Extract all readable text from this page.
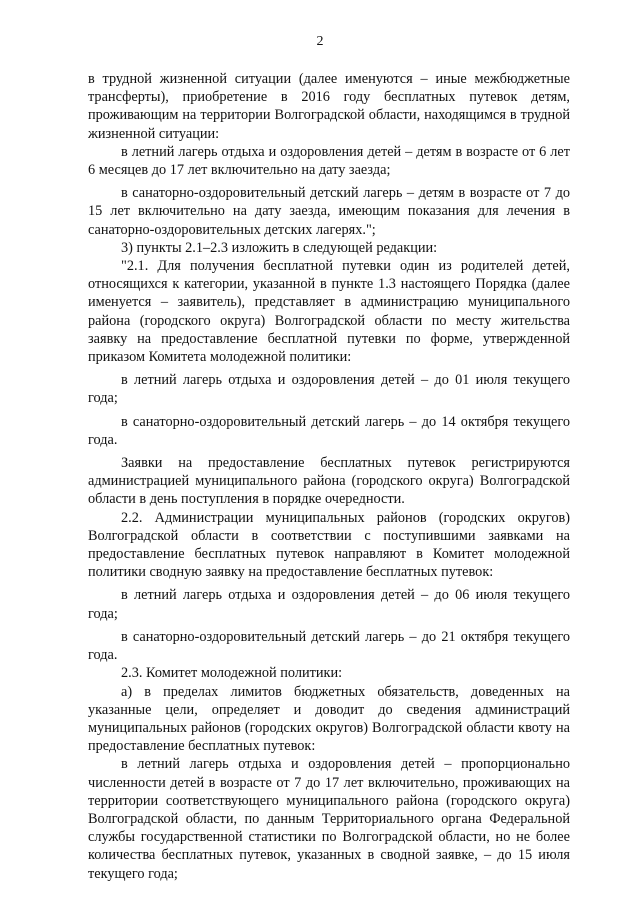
2

в трудной жизненной ситуации (далее именуются – иные межбюджетные трансферты), приобретение в 2016 году бесплатных путевок детям, проживающим на территории Волгоградской области, находящимся в трудной жизненной ситуации:

в летний лагерь отдыха и оздоровления детей – детям в возрасте от 6 лет 6 месяцев до 17 лет включительно на дату заезда;

в санаторно-оздоровительный детский лагерь – детям в возрасте от 7 до 15 лет включительно на дату заезда, имеющим показания для лечения в санаторно-оздоровительных детских лагерях.";

3) пункты 2.1–2.3 изложить в следующей редакции:

"2.1. Для получения бесплатной путевки один из родителей детей, относящихся к категории, указанной в пункте 1.3 настоящего Порядка (далее именуется – заявитель), представляет в администрацию муниципального района (городского округа) Волгоградской области по месту жительства заявку на предоставление бесплатной путевки по форме, утвержденной приказом Комитета молодежной политики:

в летний лагерь отдыха и оздоровления детей – до 01 июля текущего года;

в санаторно-оздоровительный детский лагерь – до 14 октября текущего года.

Заявки на предоставление бесплатных путевок регистрируются администрацией муниципального района (городского округа) Волгоградской области в день поступления в порядке очередности.

2.2. Администрации муниципальных районов (городских округов) Волгоградской области в соответствии с поступившими заявками на предоставление бесплатных путевок направляют в Комитет молодежной политики сводную заявку на предоставление бесплатных путевок:

в летний лагерь отдыха и оздоровления детей – до 06 июля текущего года;

в санаторно-оздоровительный детский лагерь – до 21 октября текущего года.

2.3. Комитет молодежной политики:

а) в пределах лимитов бюджетных обязательств, доведенных на указанные цели, определяет и доводит до сведения администраций муниципальных районов (городских округов) Волгоградской области квоту на предоставление бесплатных путевок:

в летний лагерь отдыха и оздоровления детей – пропорционально численности детей в возрасте от 7 до 17 лет включительно, проживающих на территории соответствующего муниципального района (городского округа) Волгоградской области, по данным Территориального органа Федеральной службы государственной статистики по Волгоградской области, но не более количества бесплатных путевок, указанных в сводной заявке, – до 15 июля текущего года;
